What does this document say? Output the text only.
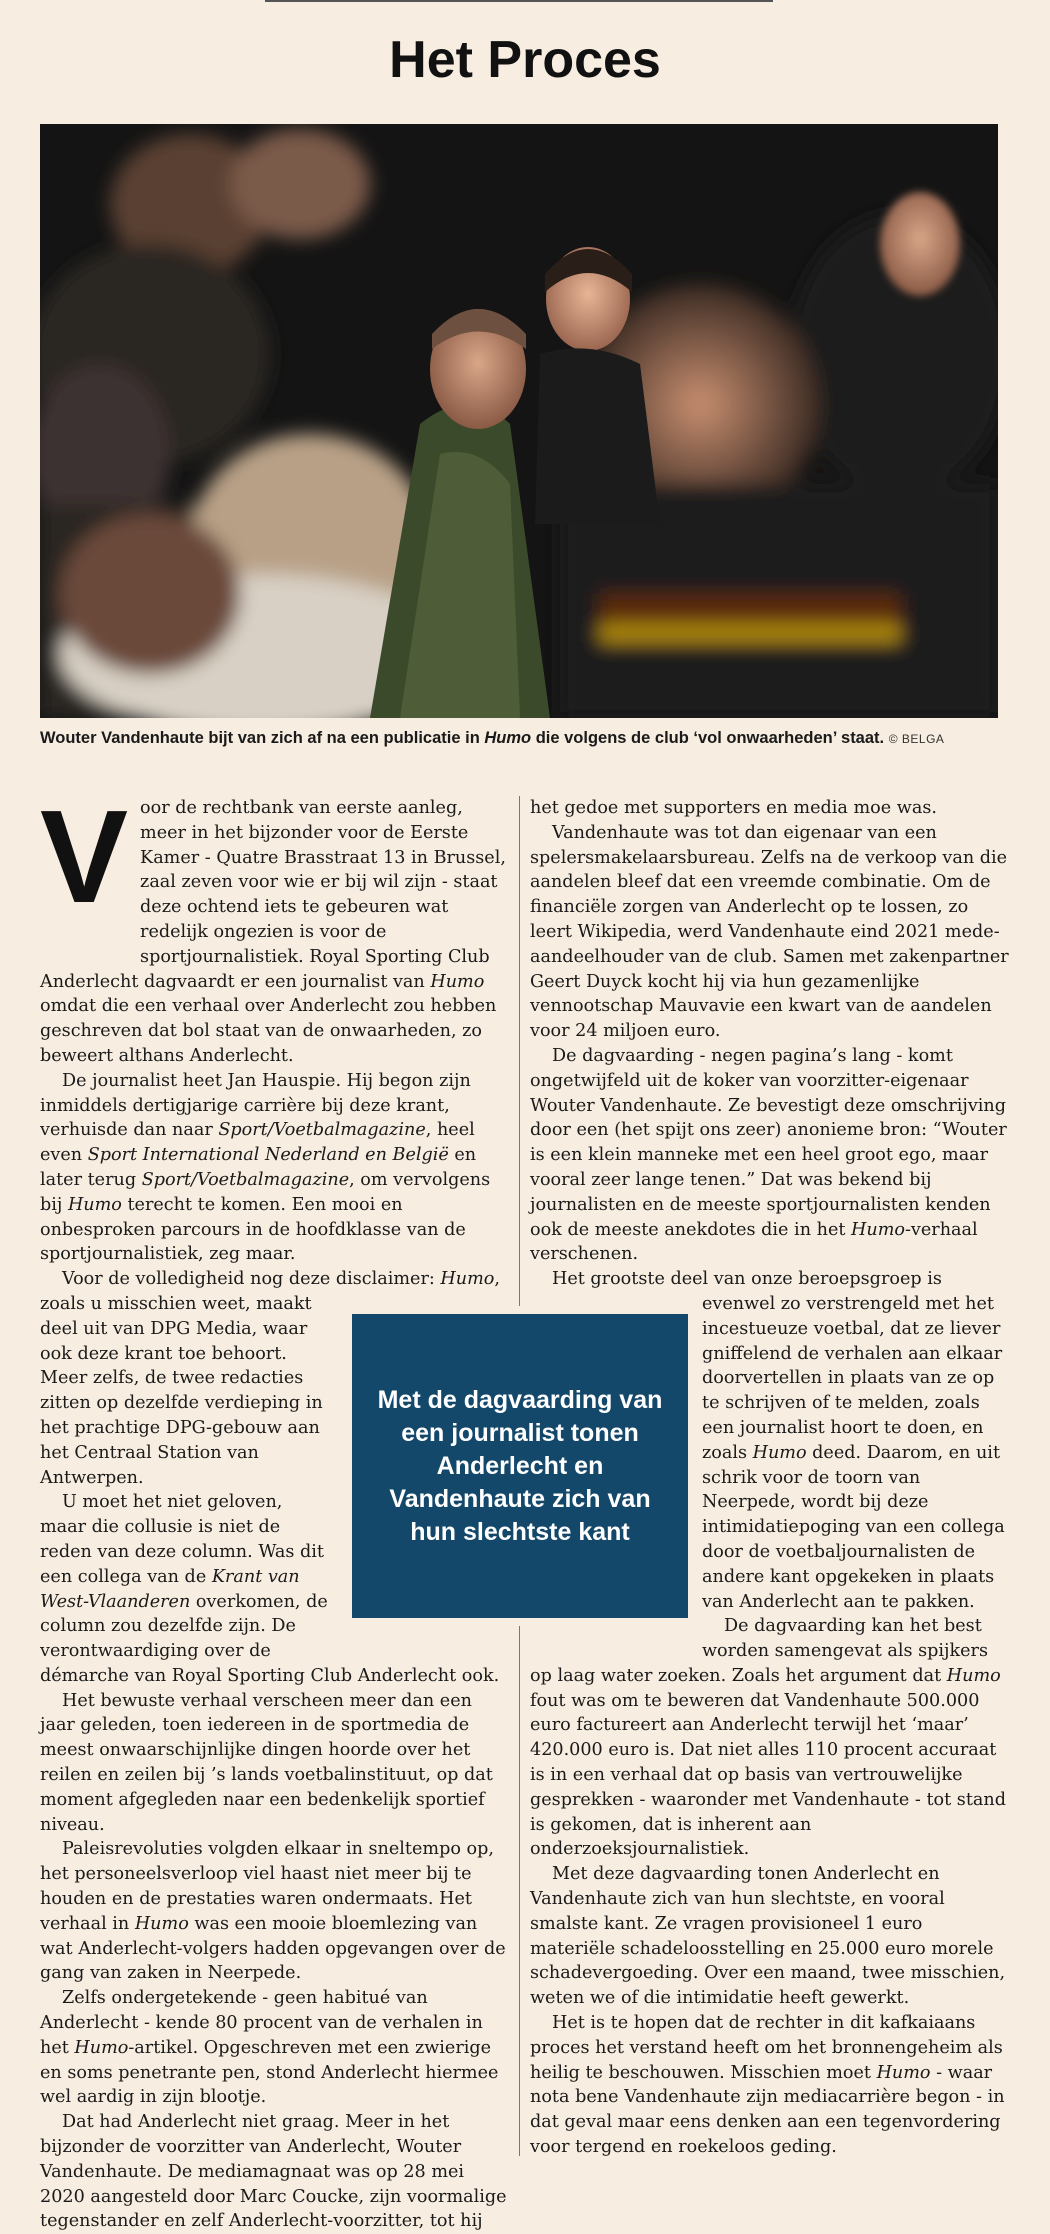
Het Proces
Wouter Vandenhaute bijt van zich af na een publicatie in Humo die volgens de club ‘vol onwaarheden’ staat. © BELGA
V oor de rechtbank van eerste aanleg, meer in het bijzonder voor de Eerste Kamer - Quatre Brasstraat 13 in Brussel, zaal zeven voor wie er bij wil zijn - staat deze ochtend iets te gebeuren wat redelijk ongezien is voor de sportjournalistiek. Royal Sporting Club Anderlecht dagvaardt er een journalist van Humo omdat die een verhaal over Anderlecht zou hebben geschreven dat bol staat van de onwaarheden, zo beweert althans Anderlecht.

De journalist heet Jan Hauspie. Hij begon zijn inmiddels dertigjarige carrière bij deze krant, verhuisde dan naar Sport/Voetbalmagazine, heel even Sport International Nederland en België en later terug Sport/Voetbalmagazine, om vervolgens bij Humo terecht te komen. Een mooi en onbesproken parcours in de hoofdklasse van de sportjournalistiek, zeg maar.

Voor de volledigheid nog deze disclaimer: Humo, zoals u misschien weet, maakt deel uit van DPG Media, waar ook deze krant toe behoort. Meer zelfs, de twee redacties zitten op dezelfde verdieping in het prachtige DPG-gebouw aan het Centraal Station van Antwerpen.

U moet het niet geloven, maar die collusie is niet de reden van deze column. Was dit een collega van de Krant van West-Vlaanderen overkomen, de column zou dezelfde zijn. De verontwaardiging over de démarche van Royal Sporting Club Anderlecht ook.

Het bewuste verhaal verscheen meer dan een jaar geleden, toen iedereen in de sportmedia de meest onwaarschijnlijke dingen hoorde over het reilen en zeilen bij ’s lands voetbalinstituut, op dat moment afgegleden naar een bedenkelijk sportief niveau.

Paleisrevoluties volgden elkaar in sneltempo op, het personeelsverloop viel haast niet meer bij te houden en de prestaties waren ondermaats. Het verhaal in Humo was een mooie bloemlezing van wat Anderlecht-volgers hadden opgevangen over de gang van zaken in Neerpede.

Zelfs ondergetekende - geen habitué van Anderlecht - kende 80 procent van de verhalen in het Humo-artikel. Opgeschreven met een zwierige en soms penetrante pen, stond Anderlecht hiermee wel aardig in zijn blootje.

Dat had Anderlecht niet graag. Meer in het bijzonder de voorzitter van Anderlecht, Wouter Vandenhaute. De mediamagnaat was op 28 mei 2020 aangesteld door Marc Coucke, zijn voormalige tegenstander en zelf Anderlecht-voorzitter, tot hij

het gedoe met supporters en media moe was.

Vandenhaute was tot dan eigenaar van een spelersmakelaarsbureau. Zelfs na de verkoop van die aandelen bleef dat een vreemde combinatie. Om de financiële zorgen van Anderlecht op te lossen, zo leert Wikipedia, werd Vandenhaute eind 2021 mede-aandeelhouder van de club. Samen met zakenpartner Geert Duyck kocht hij via hun gezamenlijke vennootschap Mauvavie een kwart van de aandelen voor 24 miljoen euro.

De dagvaarding - negen pagina’s lang - komt ongetwijfeld uit de koker van voorzitter-eigenaar Wouter Vandenhaute. Ze bevestigt deze omschrijving door een (het spijt ons zeer) anonieme bron: “Wouter is een klein manneke met een heel groot ego, maar vooral zeer lange tenen.” Dat was bekend bij journalisten en de meeste sportjournalisten kenden ook de meeste anekdotes die in het Humo-verhaal verschenen.

Het grootste deel van onze beroepsgroep is evenwel zo verstrengeld met het incestueuze voetbal, dat ze liever gniffelend de verhalen aan elkaar doorvertellen in plaats van ze op te schrijven of te melden, zoals een journalist hoort te doen, en zoals Humo deed. Daarom, en uit schrik voor de toorn van Neerpede, wordt bij deze intimidatiepoging van een collega door de voetbaljournalisten de andere kant opgekeken in plaats van Anderlecht aan te pakken.

De dagvaarding kan het best worden samengevat als spijkers op laag water zoeken. Zoals het argument dat Humo fout was om te beweren dat Vandenhaute 500.000 euro factureert aan Anderlecht terwijl het ‘maar’ 420.000 euro is. Dat niet alles 110 procent accuraat is in een verhaal dat op basis van vertrouwelijke gesprekken - waaronder met Vandenhaute - tot stand is gekomen, dat is inherent aan onderzoeksjournalistiek.

Met deze dagvaarding tonen Anderlecht en Vandenhaute zich van hun slechtste, en vooral smalste kant. Ze vragen provisioneel 1 euro materiële schadeloosstelling en 25.000 euro morele schadevergoeding. Over een maand, twee misschien, weten we of die intimidatie heeft gewerkt.

Het is te hopen dat de rechter in dit kafkaiaans proces het verstand heeft om het bronnengeheim als heilig te beschouwen. Misschien moet Humo - waar nota bene Vandenhaute zijn mediacarrière begon - in dat geval maar eens denken aan een tegenvordering voor tergend en roekeloos geding.

Met de dagvaarding van een journalist tonen Anderlecht en Vandenhaute zich van hun slechtste kant
